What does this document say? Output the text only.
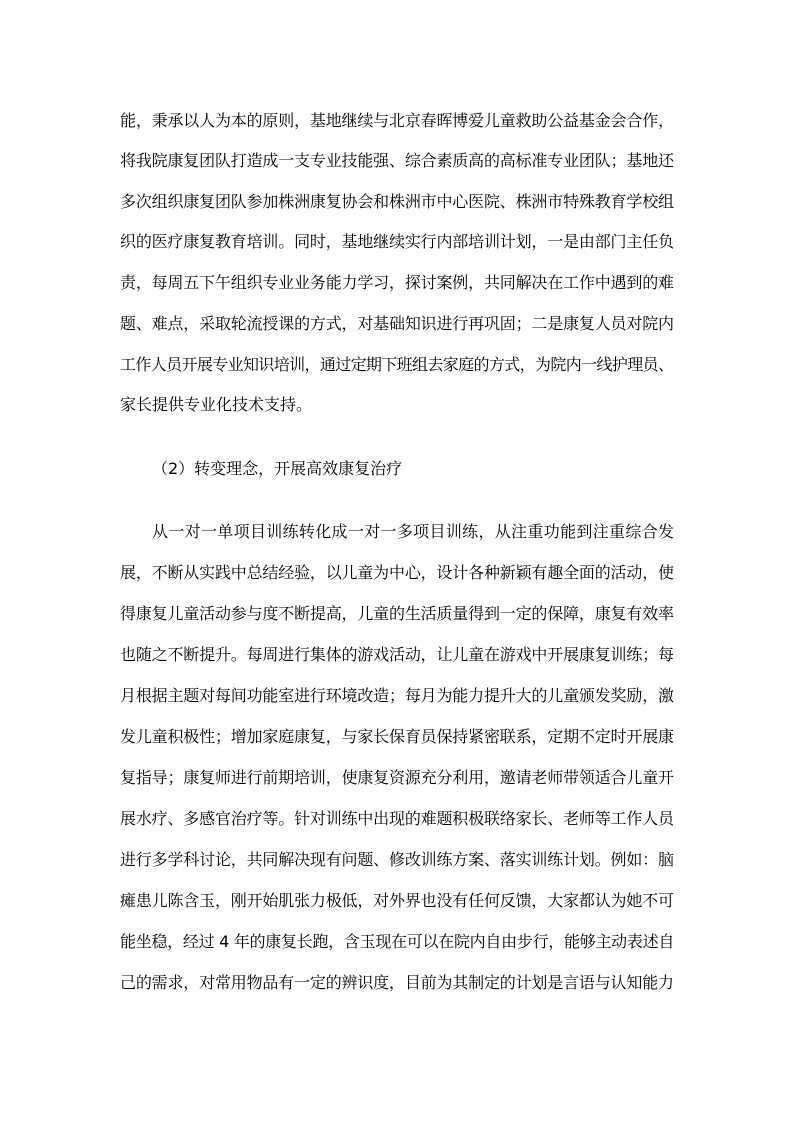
能，秉承以人为本的原则，基地继续与北京春晖博爱儿童救助公益基金会合作，
将我院康复团队打造成一支专业技能强、综合素质高的高标准专业团队；基地还
多次组织康复团队参加株洲康复协会和株洲市中心医院、株洲市特殊教育学校组
织的医疗康复教育培训。同时，基地继续实行内部培训计划，一是由部门主任负
责，每周五下午组织专业业务能力学习，探讨案例，共同解决在工作中遇到的难
题、难点，采取轮流授课的方式，对基础知识进行再巩固；二是康复人员对院内
工作人员开展专业知识培训，通过定期下班组去家庭的方式，为院内一线护理员、
家长提供专业化技术支持。
（2）转变理念，开展高效康复治疗
从一对一单项目训练转化成一对一多项目训练，从注重功能到注重综合发
展，不断从实践中总结经验，以儿童为中心，设计各种新颖有趣全面的活动，使
得康复儿童活动参与度不断提高，儿童的生活质量得到一定的保障，康复有效率
也随之不断提升。每周进行集体的游戏活动，让儿童在游戏中开展康复训练；每
月根据主题对每间功能室进行环境改造；每月为能力提升大的儿童颁发奖励，激
发儿童积极性；增加家庭康复，与家长保育员保持紧密联系，定期不定时开展康
复指导；康复师进行前期培训，使康复资源充分利用，邀请老师带领适合儿童开
展水疗、多感官治疗等。针对训练中出现的难题积极联络家长、老师等工作人员
进行多学科讨论，共同解决现有问题、修改训练方案、落实训练计划。例如：脑
瘫患儿陈含玉，刚开始肌张力极低，对外界也没有任何反馈，大家都认为她不可
能坐稳，经过 4 年的康复长跑，含玉现在可以在院内自由步行，能够主动表述自
己的需求，对常用物品有一定的辨识度，目前为其制定的计划是言语与认知能力
